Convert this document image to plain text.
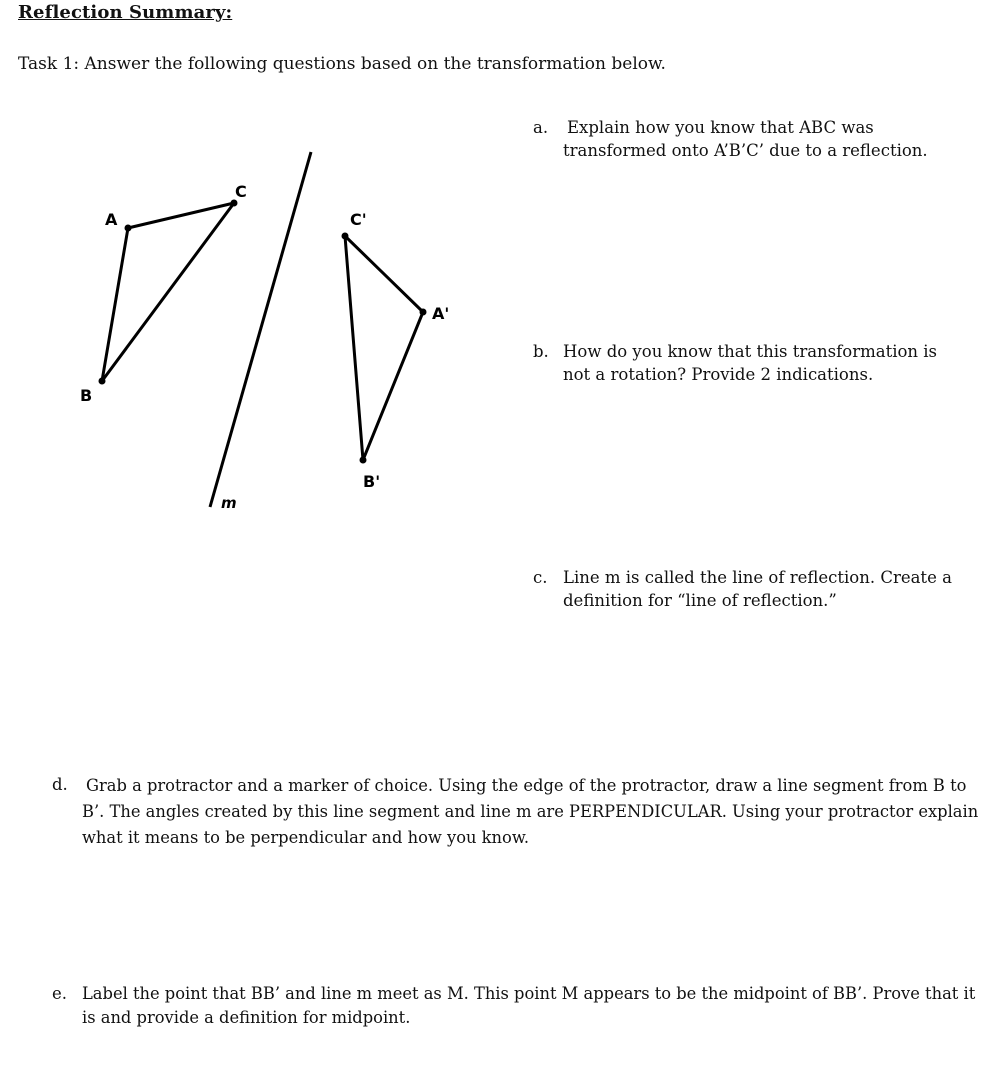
Reflection Summary:
Task 1: Answer the following questions based on the transformation below.
A
B
C
A'
B'
C'
m
a. Explain how you know that ABC was
transformed onto A’B’C’ due to a reflection.
b. How do you know that this transformation is
not a rotation? Provide 2 indications.
c. Line m is called the line of reflection. Create a
definition for “line of reflection.”
d. Grab a protractor and a marker of choice. Using the edge of the protractor, draw a line segment from B to
B’. The angles created by this line segment and line m are PERPENDICULAR. Using your protractor explain
what it means to be perpendicular and how you know.
e. Label the point that BB’ and line m meet as M. This point M appears to be the midpoint of BB’. Prove that it
is and provide a definition for midpoint.
